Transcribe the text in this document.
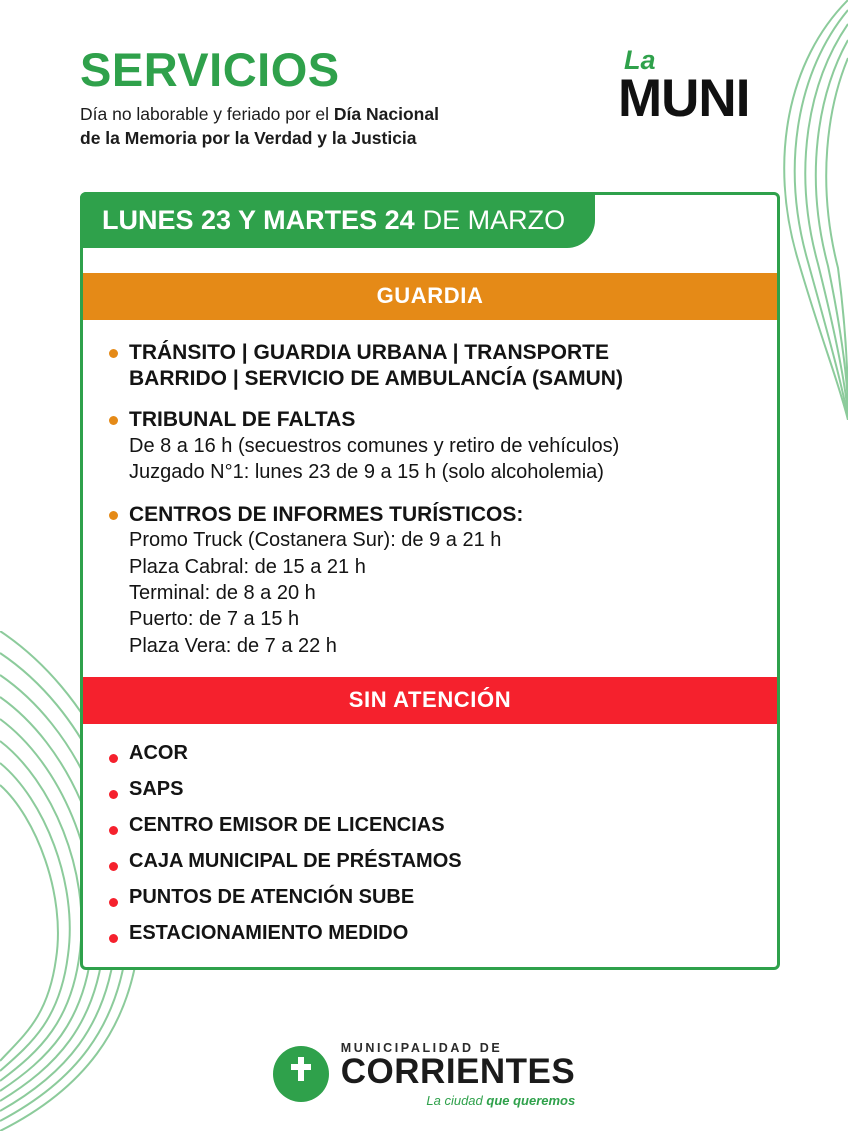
SERVICIOS
Día no laborable y feriado por el Día Nacional
de la Memoria por la Verdad y la Justicia
La
MUNI
GUARDIA
TRÁNSITO | GUARDIA URBANA | TRANSPORTE
BARRIDO | SERVICIO DE AMBULANCÍA (SAMUN)
TRIBUNAL DE FALTAS
De 8 a 16 h (secuestros comunes y retiro de vehículos)
Juzgado N°1: lunes 23 de 9 a 15 h (solo alcoholemia)
CENTROS DE INFORMES TURÍSTICOS:
Promo Truck (Costanera Sur): de 9 a 21 h
Plaza Cabral: de 15 a 21 h
Terminal: de 8 a 20 h
Puerto: de 7 a 15 h
Plaza Vera: de 7 a 22 h
SIN ATENCIÓN
ACOR
SAPS
CENTRO EMISOR DE LICENCIAS
CAJA MUNICIPAL DE PRÉSTAMOS
PUNTOS DE ATENCIÓN SUBE
ESTACIONAMIENTO MEDIDO
LUNES 23 Y MARTES 24 DE MARZO
MUNICIPALIDAD DE
CORRIENTES
La ciudad que queremos
